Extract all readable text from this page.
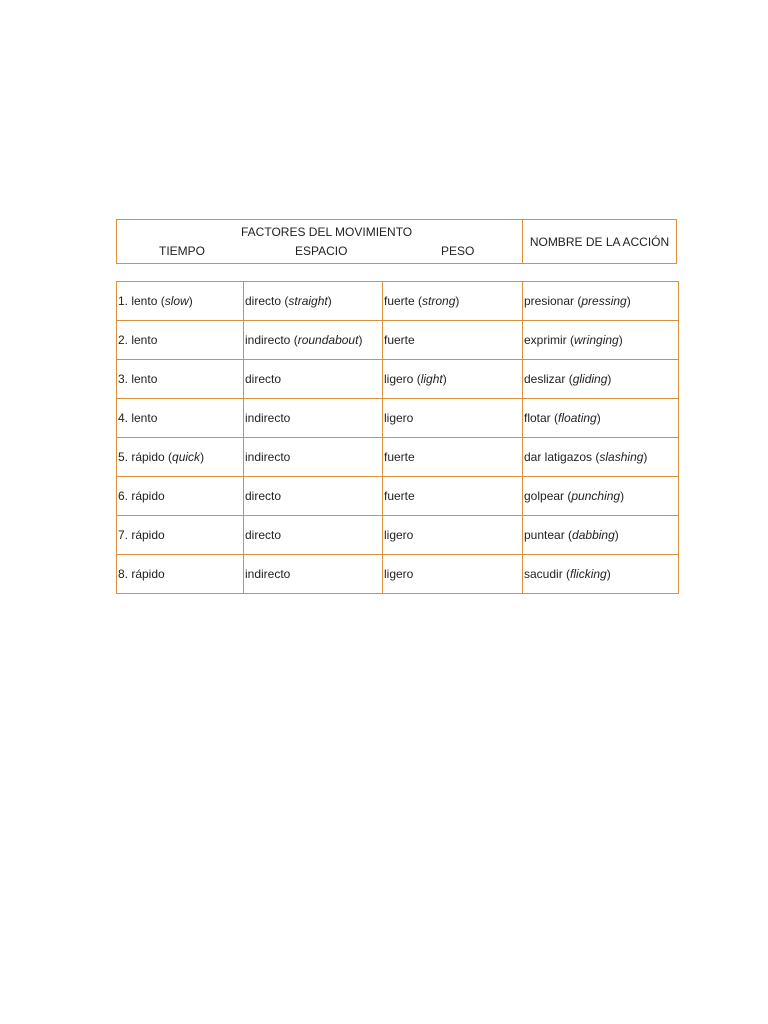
FACTORES DEL MOVIMIENTO
TIEMPO	ESPACIO	PESO
NOMBRE DE LA ACCIÓN
1. lento (slow)	directo (straight)	fuerte (strong)	presionar (pressing)
2. lento	indirecto (roundabout)	fuerte	exprimir (wringing)
3. lento	directo	ligero (light)	deslizar (gliding)
4. lento	indirecto	ligero	flotar (floating)
5. rápido (quick)	indirecto	fuerte	dar latigazos (slashing)
6. rápido	directo	fuerte	golpear (punching)
7. rápido	directo	ligero	puntear (dabbing)
8. rápido	indirecto	ligero	sacudir (flicking)
